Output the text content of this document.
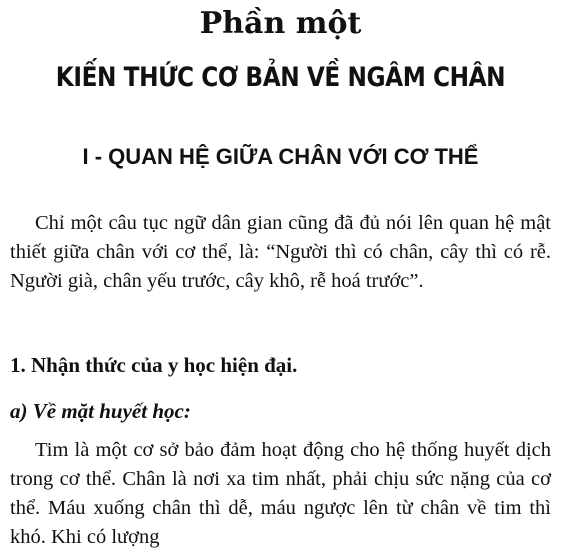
Phần một
KIẾN THỨC CƠ BẢN VỀ NGÂM CHÂN
I - QUAN HỆ GIỮA CHÂN VỚI CƠ THỂ

Chỉ một câu tục ngữ dân gian cũng đã đủ nói lên quan hệ mật thiết giữa chân với cơ thể, là: “Người thì có chân, cây thì có rễ. Người già, chân yếu trước, cây khô, rễ hoá trước”.

1. Nhận thức của y học hiện đại.
a) Về mặt huyết học:

Tim là một cơ sở bảo đảm hoạt động cho hệ thống huyết dịch trong cơ thể. Chân là nơi xa tim nhất, phải chịu sức nặng của cơ thể. Máu xuống chân thì dễ, máu ngược lên từ chân về tim thì khó. Khi có lượng
